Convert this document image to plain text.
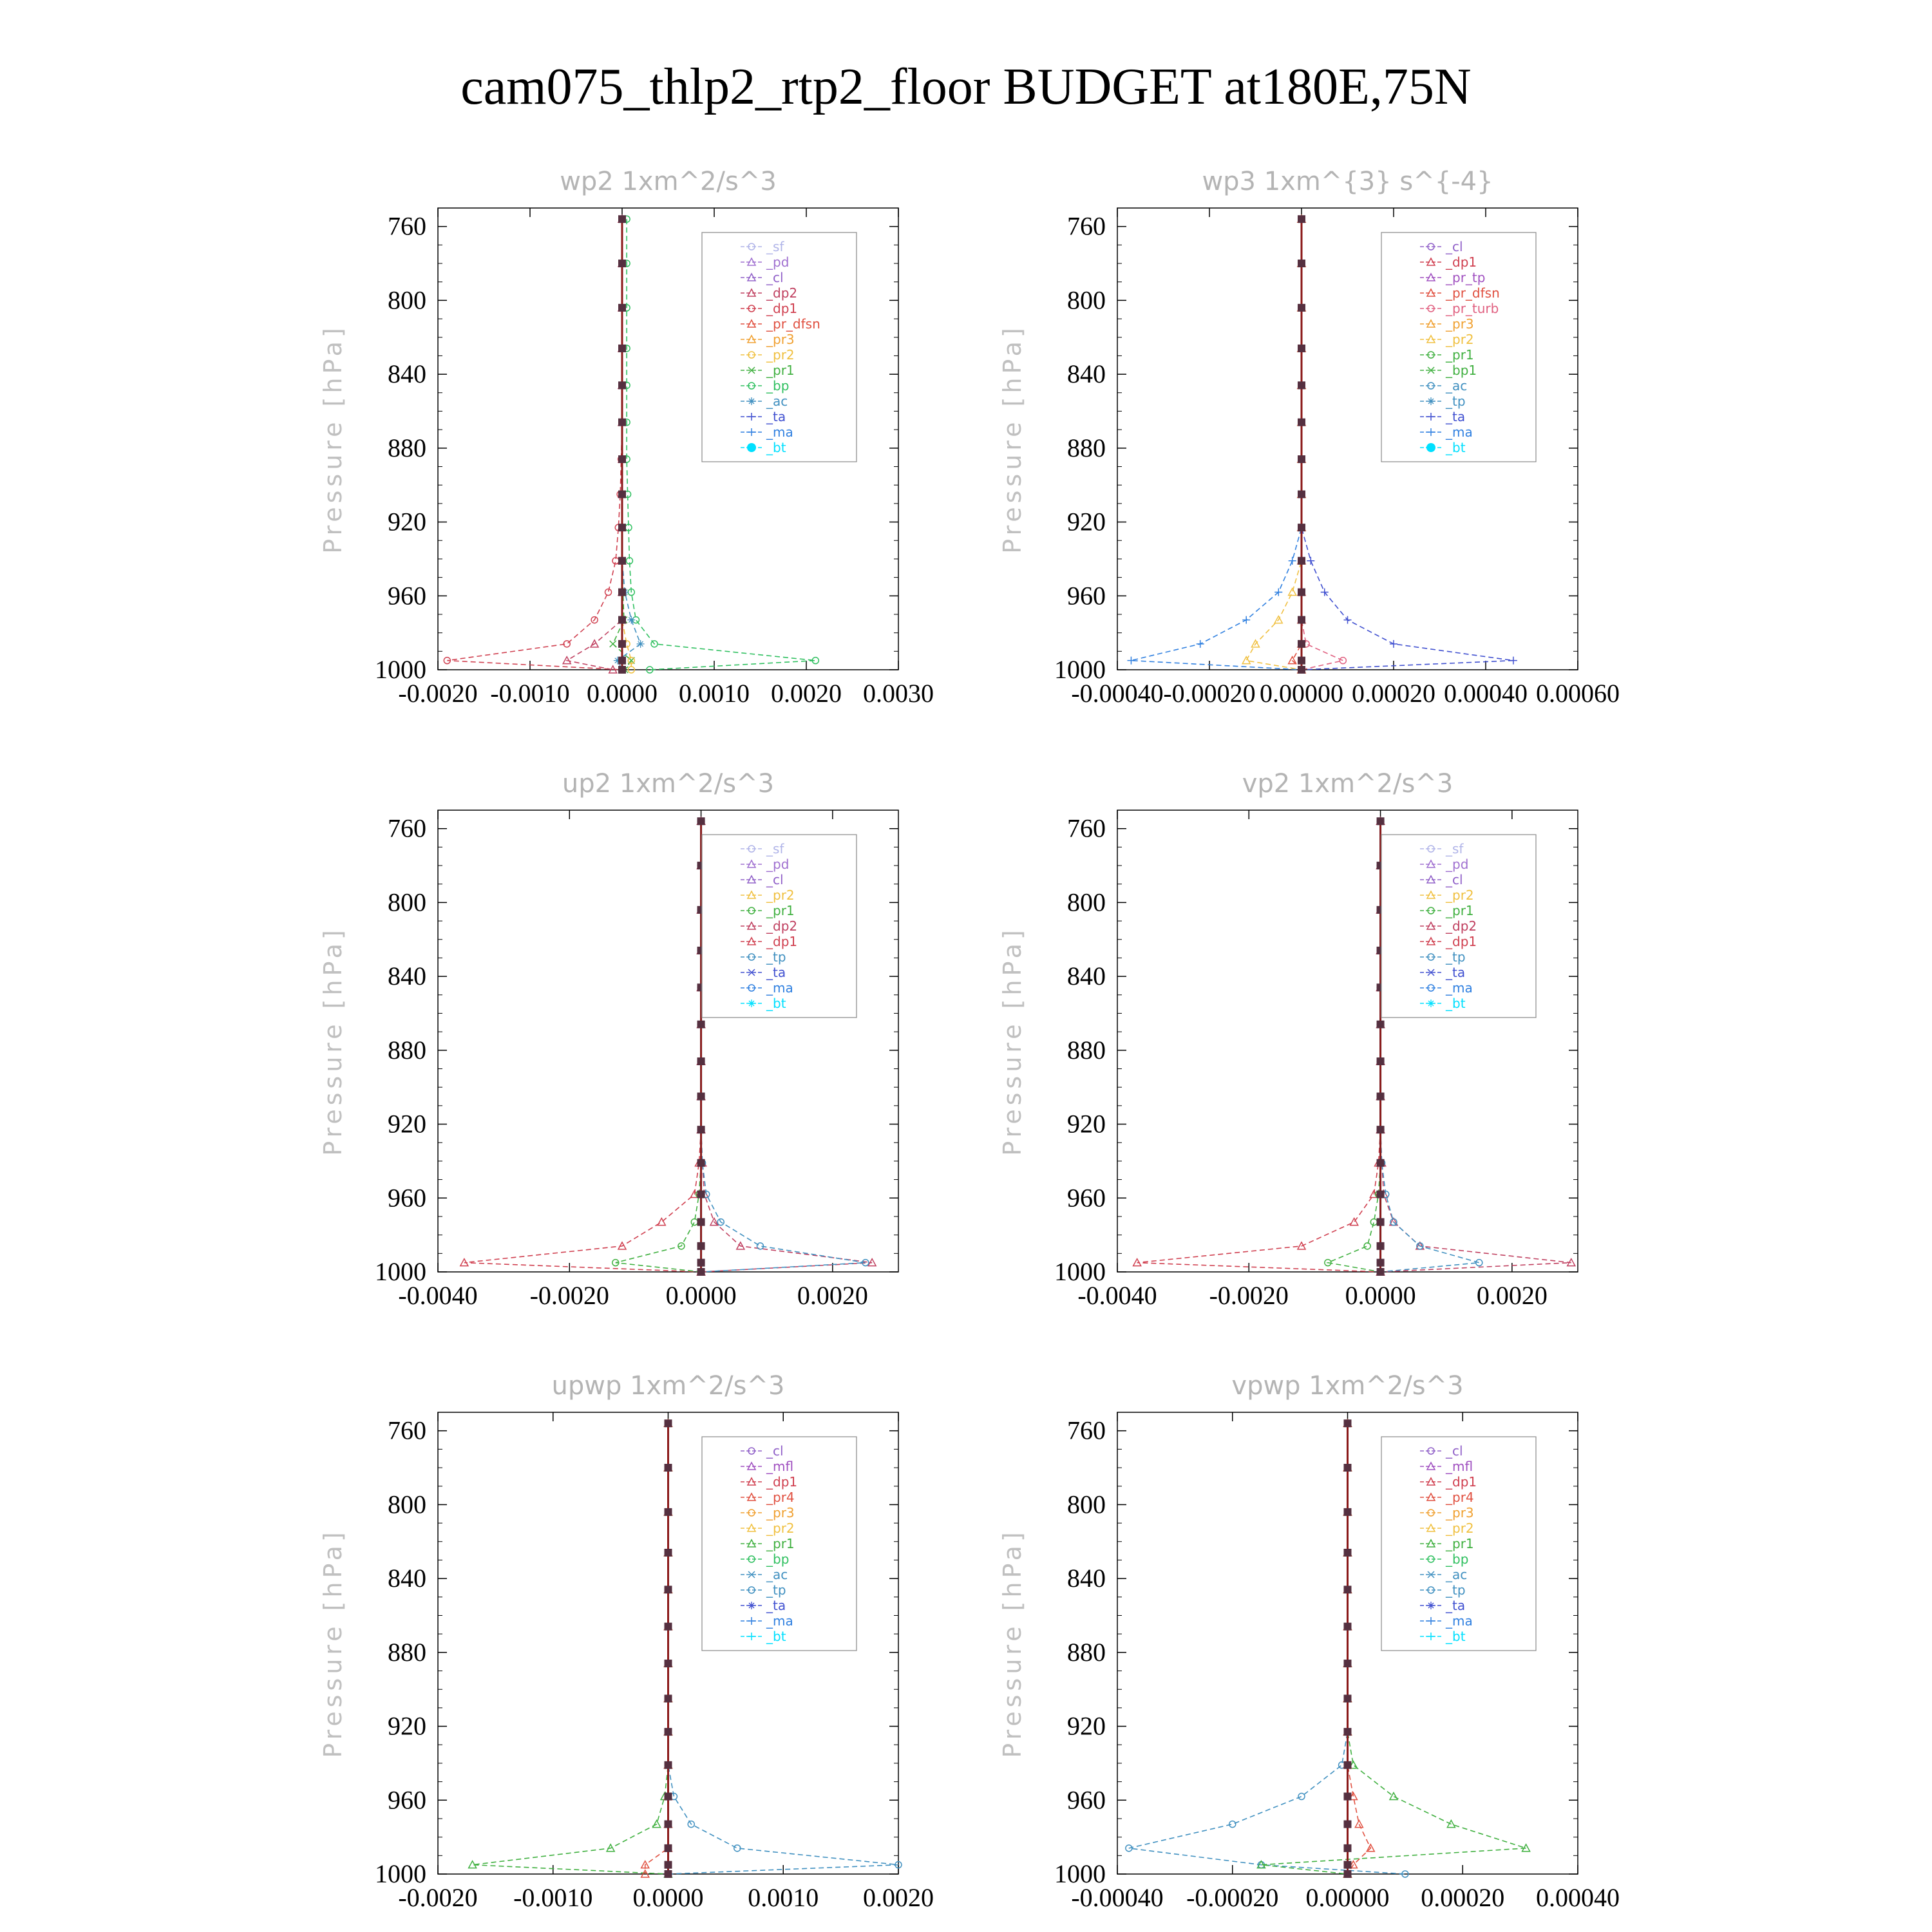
cam075_thlp2_rtp2_floor BUDGET at180E,75N
wp2 1xm^2/s^3
Pressure [hPa]
760
800
840
880
920
960
1000
-0.0020 -0.0010 0.0000 0.0010 0.0020 0.0030
_sf
_pd
_cl
_dp2
_dp1
_pr_dfsn
_pr3
_pr2
_pr1
_bp
_ac
_ta
_ma
_bt
wp3 1xm^{3} s^{-4}
Pressure [hPa]
760
800
840
880
920
960
1000
-0.00040 -0.00020 0.00000 0.00020 0.00040 0.00060
_cl
_dp1
_pr_tp
_pr_dfsn
_pr_turb
_pr3
_pr2
_pr1
_bp1
_ac
_tp
_ta
_ma
_bt
up2 1xm^2/s^3
Pressure [hPa]
760
800
840
880
920
960
1000
-0.0040 -0.0020 0.0000 0.0020
_sf
_pd
_cl
_pr2
_pr1
_dp2
_dp1
_tp
_ta
_ma
_bt
vp2 1xm^2/s^3
Pressure [hPa]
760
800
840
880
920
960
1000
-0.0040 -0.0020 0.0000 0.0020
_sf
_pd
_cl
_pr2
_pr1
_dp2
_dp1
_tp
_ta
_ma
_bt
upwp 1xm^2/s^3
Pressure [hPa]
760
800
840
880
920
960
1000
-0.0020 -0.0010 0.0000 0.0010 0.0020
_cl
_mfl
_dp1
_pr4
_pr3
_pr2
_pr1
_bp
_ac
_tp
_ta
_ma
_bt
vpwp 1xm^2/s^3
Pressure [hPa]
760
800
840
880
920
960
1000
-0.00040 -0.00020 0.00000 0.00020 0.00040
_cl
_mfl
_dp1
_pr4
_pr3
_pr2
_pr1
_bp
_ac
_tp
_ta
_ma
_bt
